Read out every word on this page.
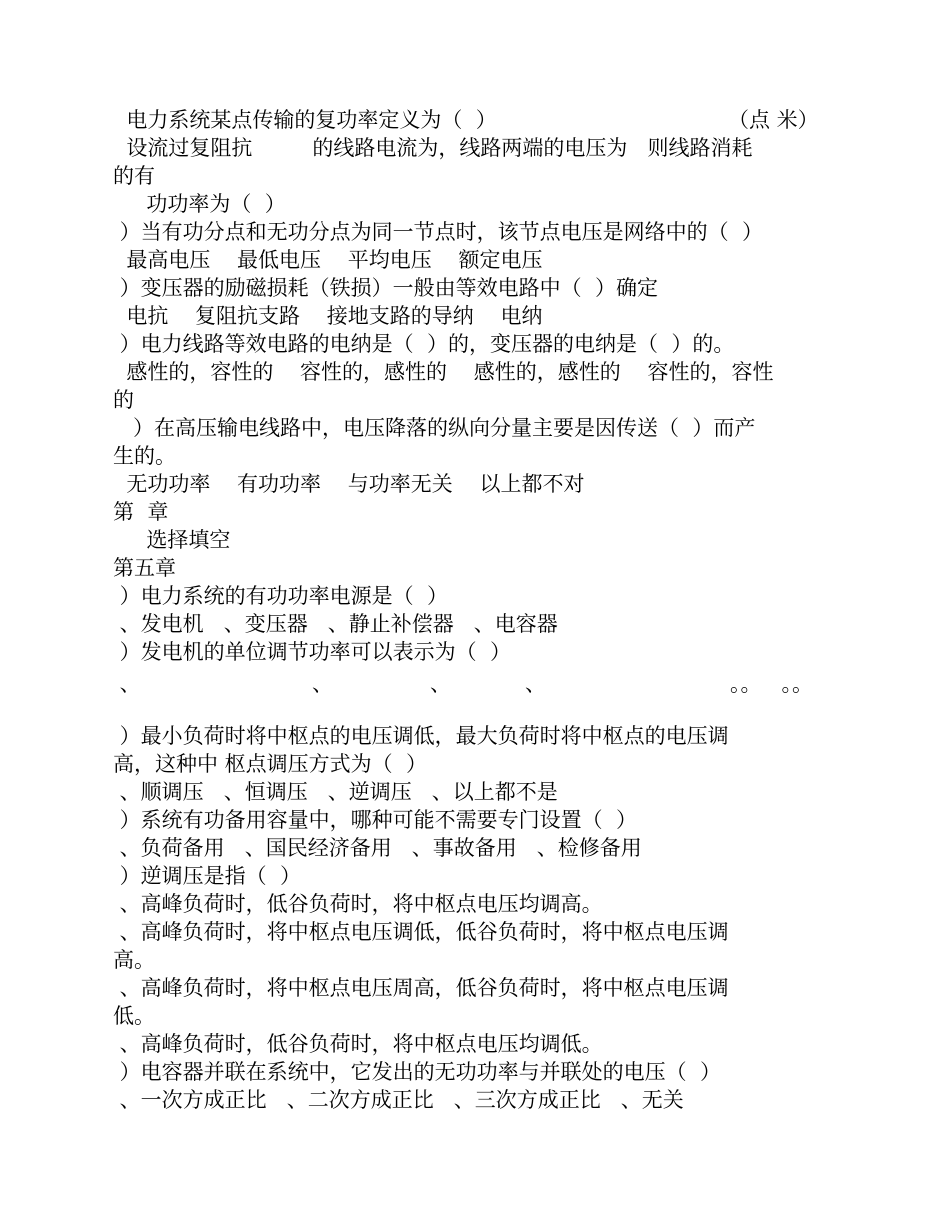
电力系统某点传输的复功率定义为（  ）	（点 米）
设流过复阻抗         的线路电流为，线路两端的电压为   则线路消耗
的有
功功率为（  ）
）当有功分点和无功分点为同一节点时，该节点电压是网络中的（  ）
最高电压    最低电压    平均电压    额定电压
）变压器的励磁损耗（铁损）一般由等效电路中（  ）确定
电抗    复阻抗支路    接地支路的导纳    电纳
）电力线路等效电路的电纳是（  ）的，变压器的电纳是（  ）的。
感性的，容性的    容性的，感性的    感性的，感性的    容性的，容性
的
）在高压输电线路中，电压降落的纵向分量主要是因传送（  ）而产
生的。
无功功率    有功功率    与功率无关    以上都不对
第  章
选择填空
第五章
）电力系统的有功功率电源是（  ）
、发电机   、变压器   、静止补偿器   、电容器
）发电机的单位调节功率可以表示为（  ）
、	、	、	、	。。   。。
）最小负荷时将中枢点的电压调低，最大负荷时将中枢点的电压调
高，这种中 枢点调压方式为（  ）
、顺调压   、恒调压   、逆调压   、以上都不是
）系统有功备用容量中，哪种可能不需要专门设置（  ）
、负荷备用   、国民经济备用   、事故备用   、检修备用
）逆调压是指（  ）
、高峰负荷时，低谷负荷时，将中枢点电压均调高。
、高峰负荷时，将中枢点电压调低，低谷负荷时，将中枢点电压调
高。
、高峰负荷时，将中枢点电压周高，低谷负荷时，将中枢点电压调
低。
、高峰负荷时，低谷负荷时，将中枢点电压均调低。
）电容器并联在系统中，它发出的无功功率与并联处的电压（  ）
、一次方成正比   、二次方成正比   、三次方成正比   、无关
